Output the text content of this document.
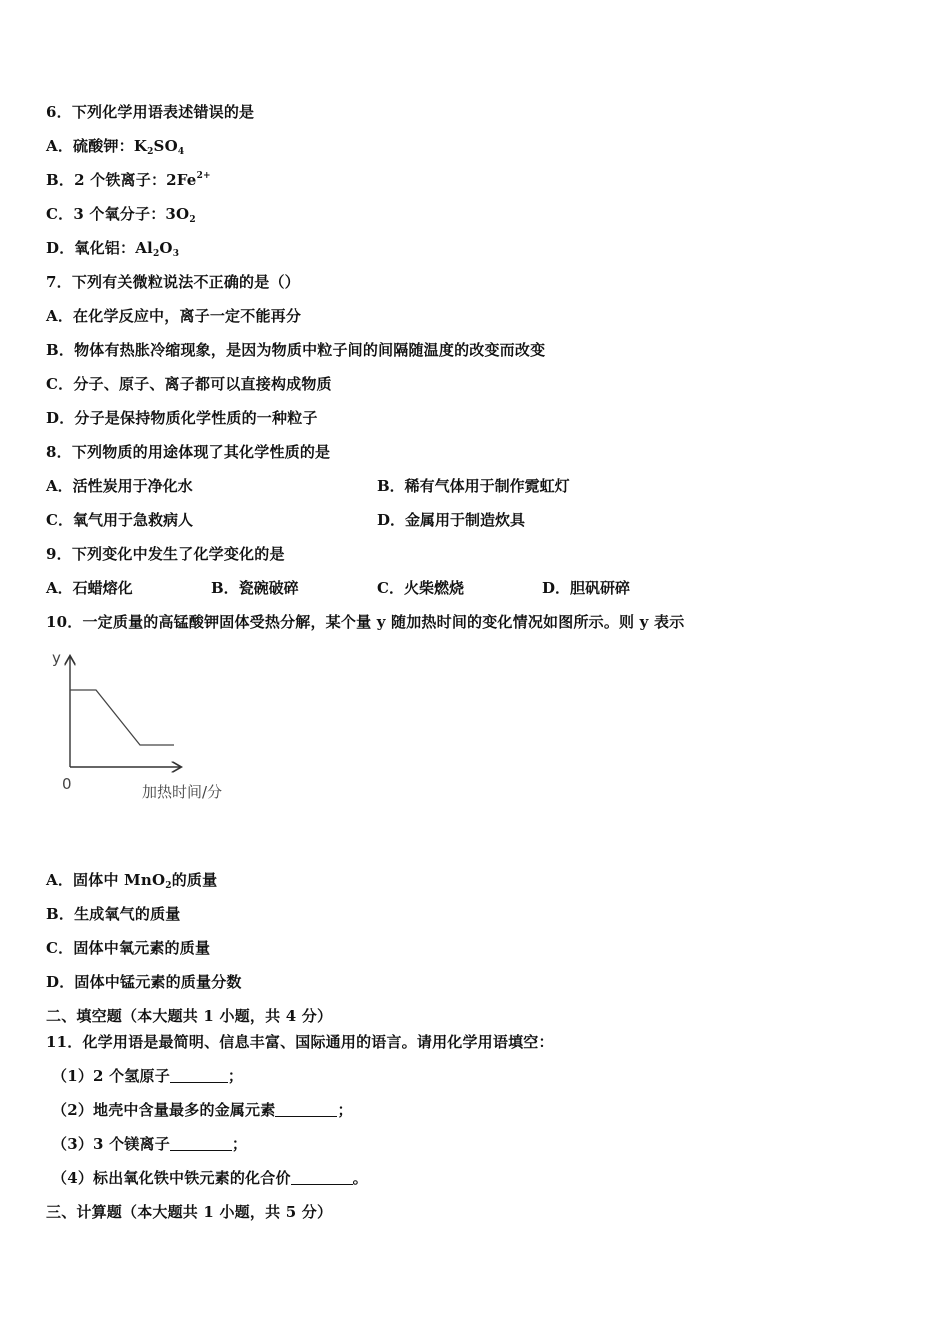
6．下列化学用语表述错误的是
A．硫酸钾：$K_2SO_4$
B．2 个铁离子：$2Fe^{2+}$
C．3 个氧分子：$3O_2$
D．氧化铝：$Al_2O_3$
7．下列有关微粒说法不正确的是（）
A．在化学反应中，离子一定不能再分
B．物体有热胀冷缩现象，是因为物质中粒子间的间隔随温度的改变而改变
C．分子、原子、离子都可以直接构成物质
D．分子是保持物质化学性质的一种粒子
8．下列物质的用途体现了其化学性质的是
A．活性炭用于净化水	B．稀有气体用于制作霓虹灯
C．氧气用于急救病人	D．金属用于制造炊具
9．下列变化中发生了化学变化的是
A．石蜡熔化	B．瓷碗破碎	C．火柴燃烧	D．胆矾研碎
10．一定质量的高锰酸钾固体受热分解，某个量 y 随加热时间的变化情况如图所示。则 y 表示
y
0	加热时间/分
A．固体中 MnO$_2$的质量
B．生成氧气的质量
C．固体中氧元素的质量
D．固体中锰元素的质量分数
二、填空题（本大题共 1 小题，共 4 分）
11．化学用语是最简明、信息丰富、国际通用的语言。请用化学用语填空：
（1）2 个氢原子	；
（2）地壳中含量最多的金属元素	；
（3）3 个镁离子	；
（4）标出氧化铁中铁元素的化合价	。
三、计算题（本大题共 1 小题，共 5 分）
